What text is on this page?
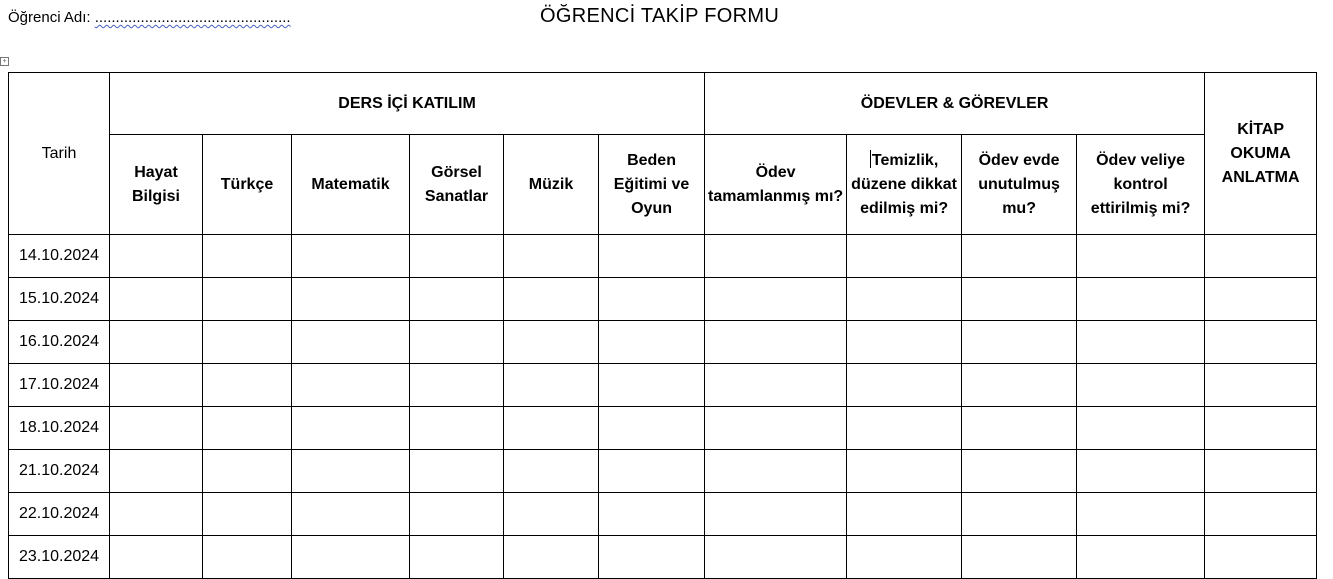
Öğrenci Adı: ...............................................	ÖĞRENCİ TAKİP FORMU
+
Tarih	DERS İÇİ KATILIM						ÖDEVLER & GÖREVLER				KİTAP OKUMA ANLATMA
	Hayat Bilgisi	Türkçe	Matematik	Görsel Sanatlar	Müzik	Beden Eğitimi ve Oyun	Ödev tamamlanmış mı?	Temizlik, düzene dikkat edilmiş mi?	Ödev evde unutulmuş mu?	Ödev veliye kontrol ettirilmiş mi?	
14.10.2024											
15.10.2024											
16.10.2024											
17.10.2024											
18.10.2024											
21.10.2024											
22.10.2024											
23.10.2024											
